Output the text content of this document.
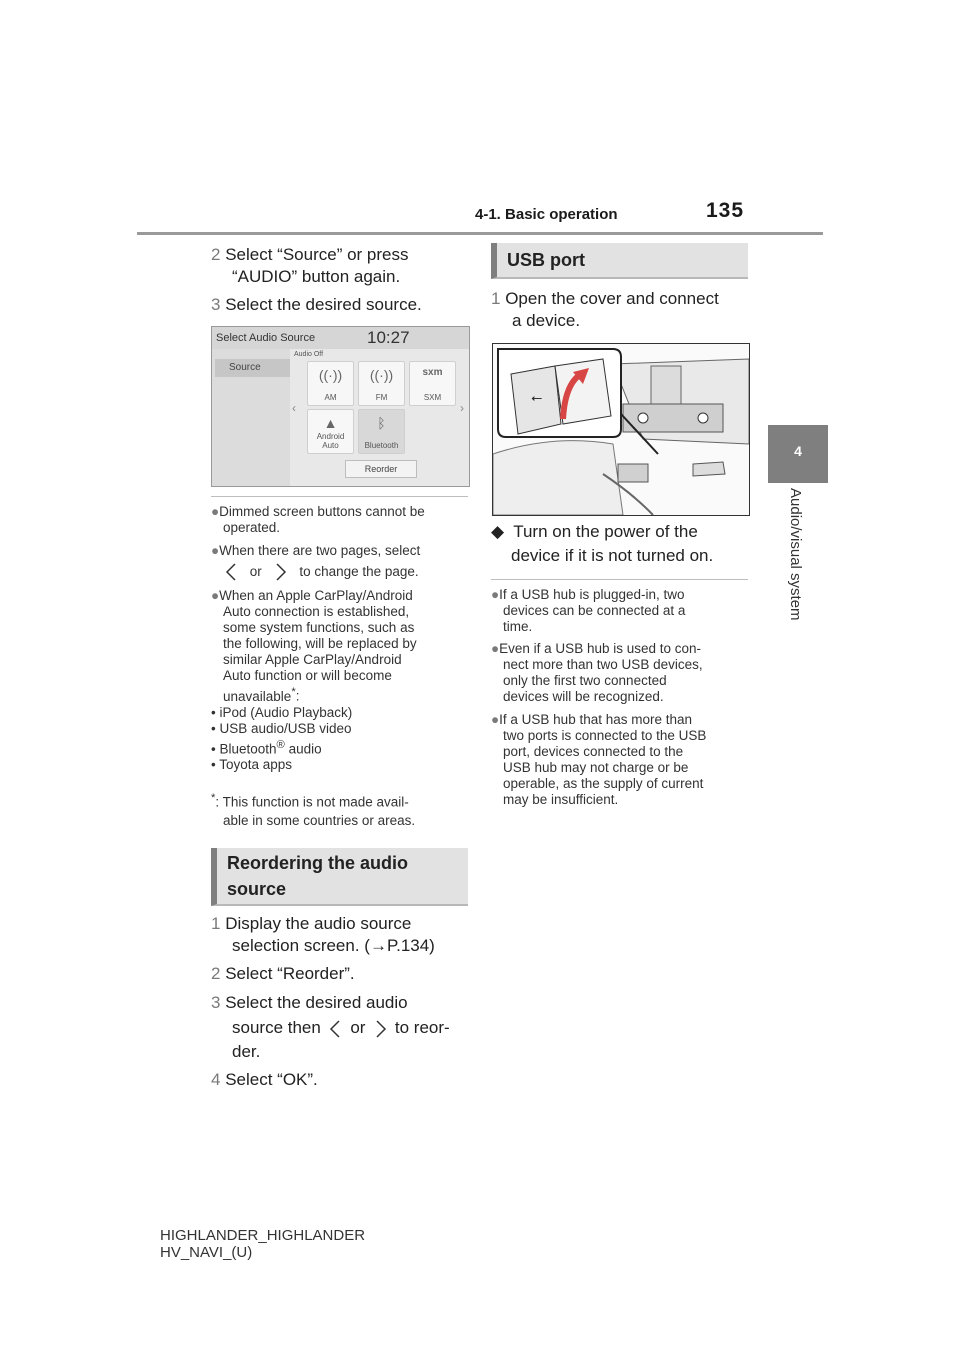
4-1. Basic operation	135
4
Audio/visual system
2 Select “Source” or press
“AUDIO” button again.
3 Select the desired source.
Select Audio Source	10:27
Source
Audio Off
‹	›
((·))
AM
((·))
FM
sxm
SXM
▲
Android Auto
ᛒ
Bluetooth
Reorder
●Dimmed screen buttons cannot be
operated.
●When there are two pages, select
or	to change the page.
●When an Apple CarPlay/Android
Auto connection is established,
some system functions, such as
the following, will be replaced by
similar Apple CarPlay/Android
Auto function or will become
unavailable*:
• iPod (Audio Playback)
• USB audio/USB video
• Bluetooth® audio
• Toyota apps
*: This function is not made avail-
able in some countries or areas.
Reordering the audio
source
1 Display the audio source
selection screen. (→P.134)
2 Select “Reorder”.
3 Select the desired audio
source then or to reor-
der.
4 Select “OK”.
USB port
1 Open the cover and connect
a device.
⭠
◆ Turn on the power of the
device if it is not turned on.
●If a USB hub is plugged-in, two
devices can be connected at a
time.
●Even if a USB hub is used to con-
nect more than two USB devices,
only the first two connected
devices will be recognized.
●If a USB hub that has more than
two ports is connected to the USB
port, devices connected to the
USB hub may not charge or be
operable, as the supply of current
may be insufficient.
HIGHLANDER_HIGHLANDER
HV_NAVI_(U)
